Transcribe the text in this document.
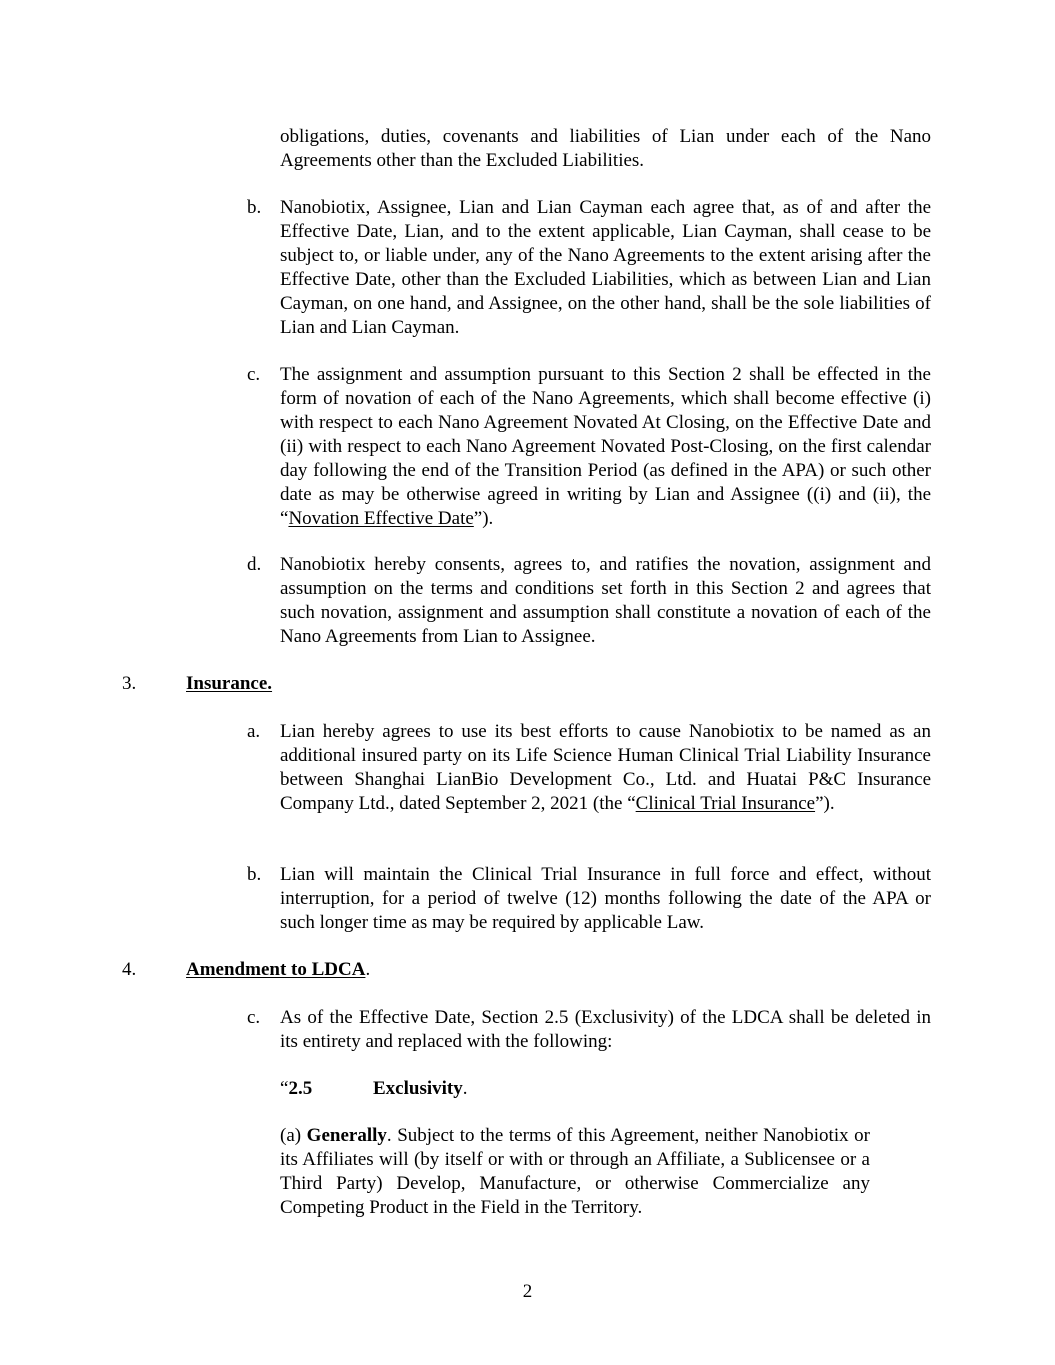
obligations, duties, covenants and liabilities of Lian under each of the Nano Agreements other than the Excluded Liabilities.

b. Nanobiotix, Assignee, Lian and Lian Cayman each agree that, as of and after the Effective Date, Lian, and to the extent applicable, Lian Cayman, shall cease to be subject to, or liable under, any of the Nano Agreements to the extent arising after the Effective Date, other than the Excluded Liabilities, which as between Lian and Lian Cayman, on one hand, and Assignee, on the other hand, shall be the sole liabilities of Lian and Lian Cayman.

c. The assignment and assumption pursuant to this Section 2 shall be effected in the form of novation of each of the Nano Agreements, which shall become effective (i) with respect to each Nano Agreement Novated At Closing, on the Effective Date and (ii) with respect to each Nano Agreement Novated Post-Closing, on the first calendar day following the end of the Transition Period (as defined in the APA) or such other date as may be otherwise agreed in writing by Lian and Assignee ((i) and (ii), the “Novation Effective Date”).

d. Nanobiotix hereby consents, agrees to, and ratifies the novation, assignment and assumption on the terms and conditions set forth in this Section 2 and agrees that such novation, assignment and assumption shall constitute a novation of each of the Nano Agreements from Lian to Assignee.

3.	Insurance.
a. Lian hereby agrees to use its best efforts to cause Nanobiotix to be named as an additional insured party on its Life Science Human Clinical Trial Liability Insurance between Shanghai LianBio Development Co., Ltd. and Huatai P&C Insurance Company Ltd., dated September 2, 2021 (the “Clinical Trial Insurance”).

b. Lian will maintain the Clinical Trial Insurance in full force and effect, without interruption, for a period of twelve (12) months following the date of the APA or such longer time as may be required by applicable Law.

4.	Amendment to LDCA.
c. As of the Effective Date, Section 2.5 (Exclusivity) of the LDCA shall be deleted in its entirety and replaced with the following:

“2.5	Exclusivity.

(a) Generally. Subject to the terms of this Agreement, neither Nanobiotix or its Affiliates will (by itself or with or through an Affiliate, a Sublicensee or a Third Party) Develop, Manufacture, or otherwise Commercialize any Competing Product in the Field in the Territory.

2
